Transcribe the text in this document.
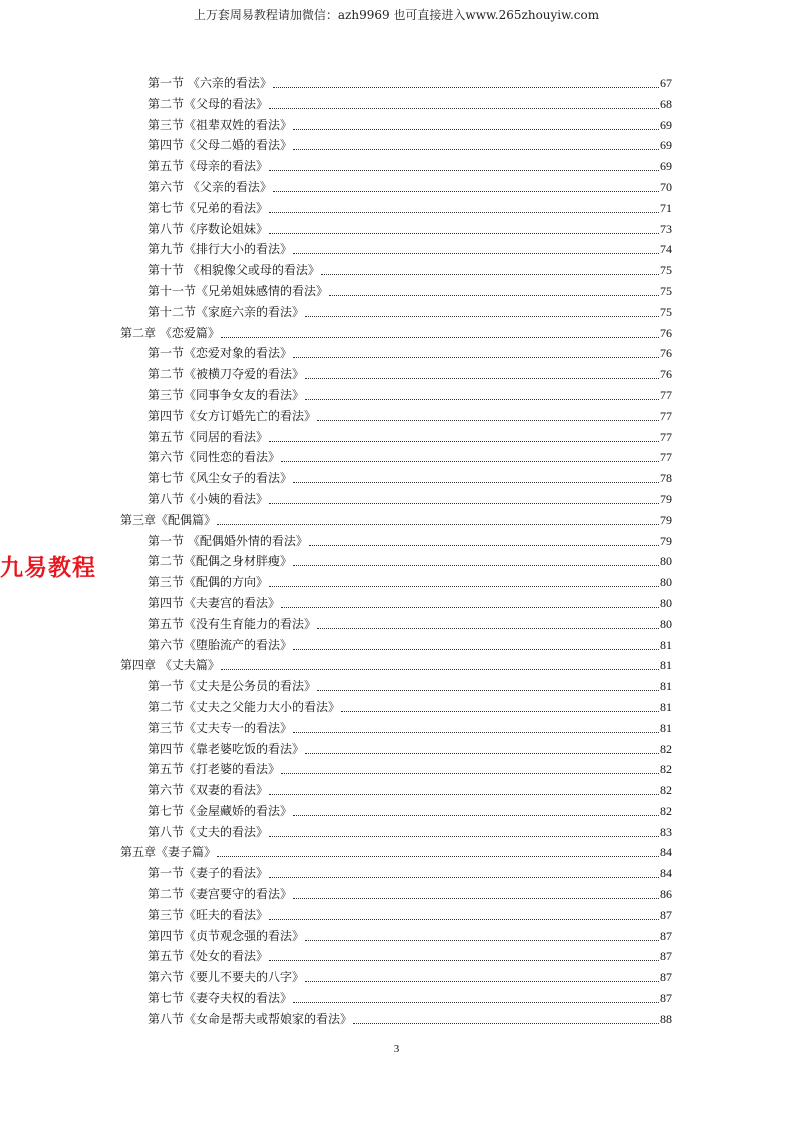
上万套周易教程请加微信：azh9969 也可直接进入www.265zhouyiw.com
九易教程
第一节 《六亲的看法》	67
第二节《父母的看法》	68
第三节《祖辈双姓的看法》	69
第四节《父母二婚的看法》	69
第五节《母亲的看法》	69
第六节 《父亲的看法》	70
第七节《兄弟的看法》	71
第八节《序数论姐妹》	73
第九节《排行大小的看法》	74
第十节 《相貌像父或母的看法》	75
第十一节《兄弟姐妹感情的看法》	75
第十二节《家庭六亲的看法》	75
第二章 《恋爱篇》	76
第一节《恋爱对象的看法》	76
第二节《被横刀夺爱的看法》	76
第三节《同事争女友的看法》	77
第四节《女方订婚先亡的看法》	77
第五节《同居的看法》	77
第六节《同性恋的看法》	77
第七节《风尘女子的看法》	78
第八节《小姨的看法》	79
第三章《配偶篇》	79
第一节 《配偶婚外情的看法》	79
第二节《配偶之身材胖瘦》	80
第三节《配偶的方向》	80
第四节《夫妻宫的看法》	80
第五节《没有生育能力的看法》	80
第六节《堕胎流产的看法》	81
第四章 《丈夫篇》	81
第一节《丈夫是公务员的看法》	81
第二节《丈夫之父能力大小的看法》	81
第三节《丈夫专一的看法》	81
第四节《靠老婆吃饭的看法》	82
第五节《打老婆的看法》	82
第六节《双妻的看法》	82
第七节《金屋藏娇的看法》	82
第八节《丈夫的看法》	83
第五章《妻子篇》	84
第一节《妻子的看法》	84
第二节《妻宫要守的看法》	86
第三节《旺夫的看法》	87
第四节《贞节观念强的看法》	87
第五节《处女的看法》	87
第六节《要儿不要夫的八字》	87
第七节《妻夺夫权的看法》	87
第八节《女命是帮夫或帮娘家的看法》	88
3
